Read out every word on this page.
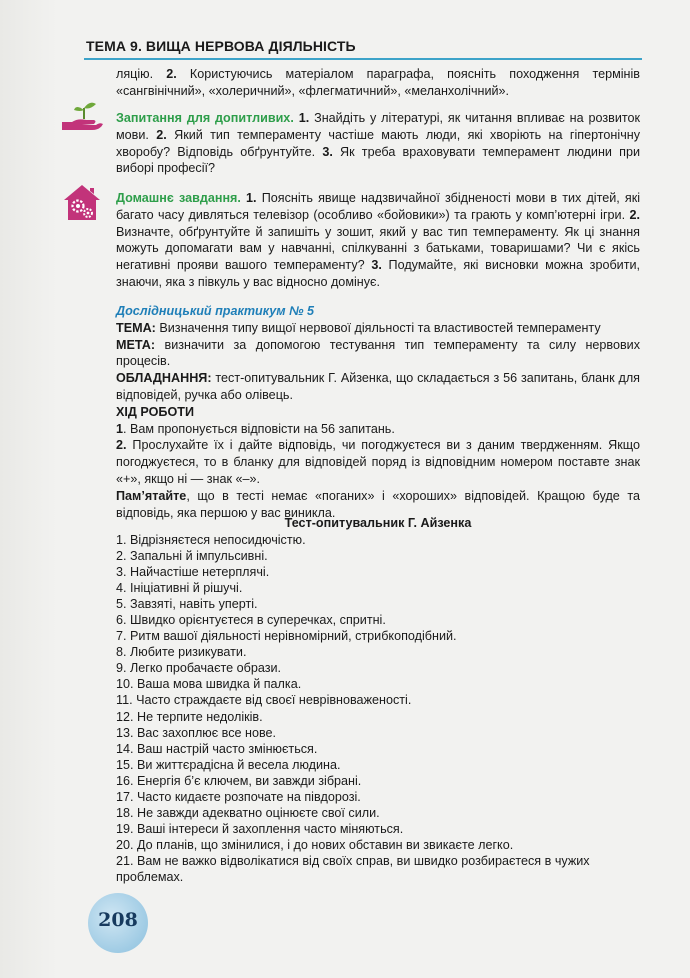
ТЕМА 9. ВИЩА НЕРВОВА ДІЯЛЬНІСТЬ
ляцію. 2. Користуючись матеріалом параграфа, поясніть походження термінів «сангвінічний», «холеричний», «флегматичний», «меланхолічний».
Запитання для допитливих. 1. Знайдіть у літературі, як читання впливає на розвиток мови. 2. Який тип темпераменту частіше мають люди, які хворіють на гіпертонічну хворобу? Відповідь обґрунтуйте. 3. Як треба враховувати темперамент людини при виборі професії?
Домашнє завдання. 1. Поясніть явище надзвичайної збідненості мови в тих дітей, які багато часу дивляться телевізор (особливо «бойовики») та грають у комп’ютерні ігри. 2. Визначте, обґрунтуйте й запишіть у зошит, який у вас тип темпераменту. Як ці знання можуть допомагати вам у навчанні, спілкуванні з батьками, товаришами? Чи є якісь негативні прояви вашого темпераменту? 3. Подумайте, які висновки можна зробити, знаючи, яка з півкуль у вас відносно домінує.
Дослідницький практикум № 5
ТЕМА: Визначення типу вищої нервової діяльності та властивостей темпераменту
МЕТА: визначити за допомогою тестування тип темпераменту та силу нервових процесів.
ОБЛАДНАННЯ: тест-опитувальник Г. Айзенка, що складається з 56 запитань, бланк для відповідей, ручка або олівець.
ХІД РОБОТИ
1. Вам пропонується відповісти на 56 запитань.
2. Прослухайте їх і дайте відповідь, чи погоджуєтеся ви з даним твердженням. Якщо погоджуєтеся, то в бланку для відповідей поряд із відповідним номером поставте знак «+», якщо ні — знак «–».
Пам’ятайте, що в тесті немає «поганих» і «хороших» відповідей. Кращою буде та відповідь, яка першою у вас виникла.
Тест-опитувальник Г. Айзенка
1. Відрізняєтеся непосидючістю.
2. Запальні й імпульсивні.
3. Найчастіше нетерплячі.
4. Ініціативні й рішучі.
5. Завзяті, навіть уперті.
6. Швидко орієнтуєтеся в суперечках, спритні.
7. Ритм вашої діяльності нерівномірний, стрибкоподібний.
8. Любите ризикувати.
9. Легко пробачаєте образи.
10. Ваша мова швидка й палка.
11. Часто страждаєте від своєї неврівноваженості.
12. Не терпите недоліків.
13. Вас захоплює все нове.
14. Ваш настрій часто змінюється.
15. Ви життєрадісна й весела людина.
16. Енергія б’є ключем, ви завжди зібрані.
17. Часто кидаєте розпочате на півдорозі.
18. Не завжди адекватно оцінюєте свої сили.
19. Ваші інтереси й захоплення часто міняються.
20. До планів, що змінилися, і до нових обставин ви звикаєте легко.
21. Вам не важко відволікатися від своїх справ, ви швидко розбираєтеся в чужих проблемах.
208
